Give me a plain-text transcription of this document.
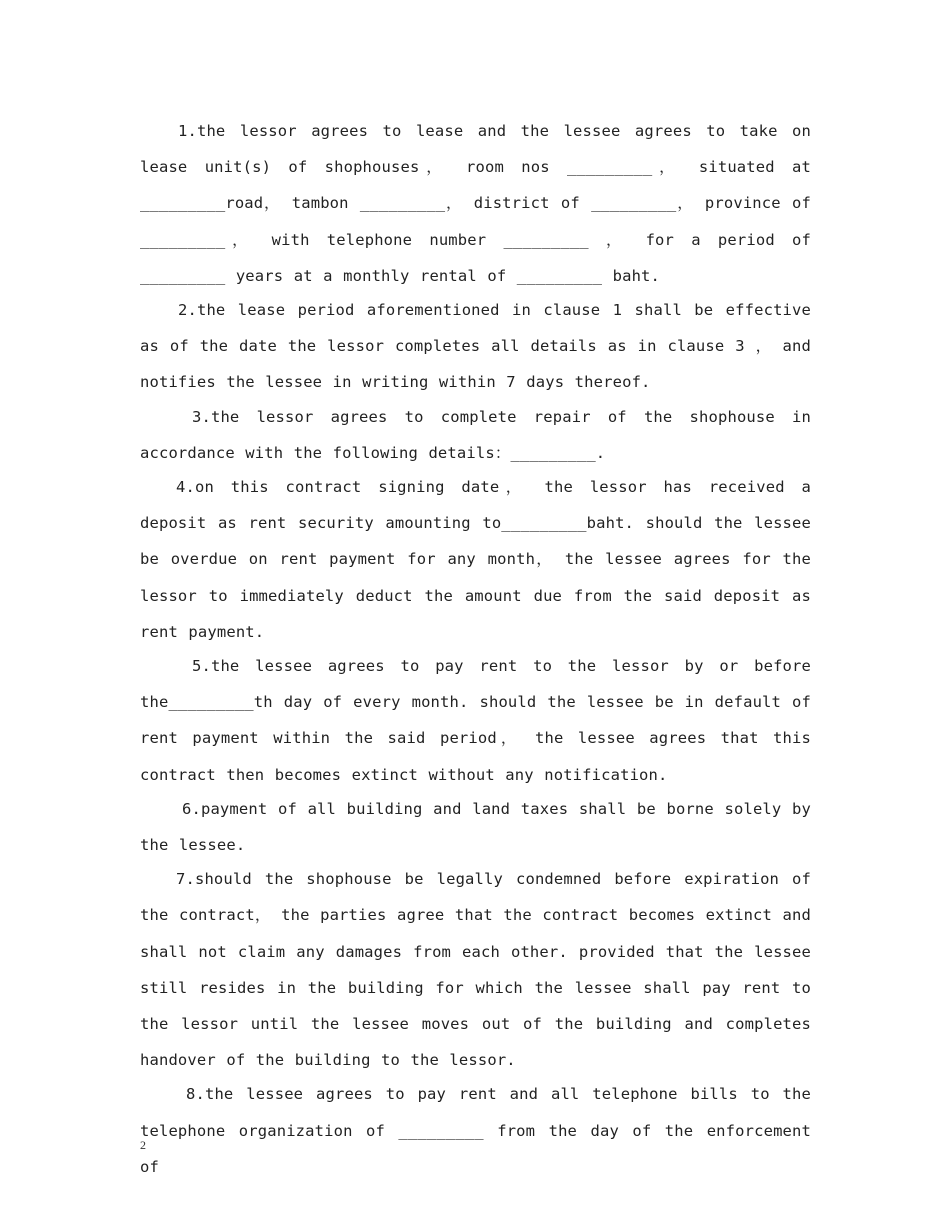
1.the lessor agrees to lease and the lessee agrees to take on lease unit(s) of shophouses， room nos _________， situated at _________road， tambon _________， district of _________， province of _________， with telephone number _________ ， for a period of _________ years at a monthly rental of _________ baht.

2.the lease period aforementioned in clause 1 shall be effective as of the date the lessor completes all details as in clause 3 ， and notifies the lessee in writing within 7 days thereof.

3.the lessor agrees to complete repair of the shophouse in accordance with the following details：_________.

4.on this contract signing date， the lessor has received a deposit as rent security amounting to_________baht. should the lessee be overdue on rent payment for any month， the lessee agrees for the lessor to immediately deduct the amount due from the said deposit as rent payment.

5.the lessee agrees to pay rent to the lessor by or before the_________th day of every month. should the lessee be in default of rent payment within the said period， the lessee agrees that this contract then becomes extinct without any notification.

6.payment of all building and land taxes shall be borne solely by the lessee.

7.should the shophouse be legally condemned before expiration of the contract， the parties agree that the contract becomes extinct and shall not claim any damages from each other. provided that the lessee still resides in the building for which the lessee shall pay rent to the lessor until the lessee moves out of the building and completes handover of the building to the lessor.

8.the lessee agrees to pay rent and all telephone bills to the telephone organization of _________ from the day of the enforcement of

2
